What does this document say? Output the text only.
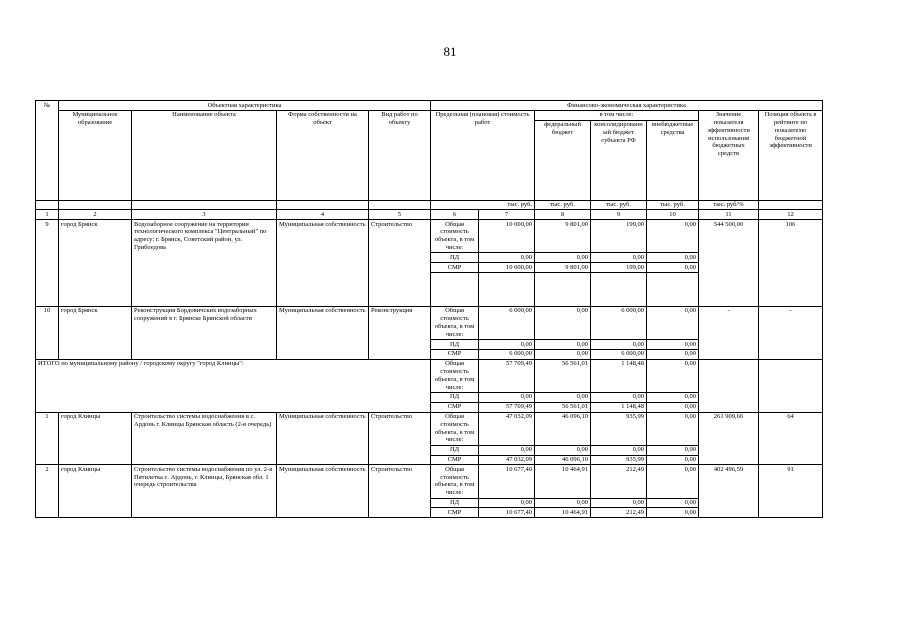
81
№	Объектная характеристика				Финансово-экономическая характеристика						
	Муниципальное образование	Наименование объекта	Форма собственности на объект	Вид работ по объекту	Предельная (плановая) стоимость работ		в том числе:			Значение показателя эффективности использования бюджетных средств	Позиция объекта в рейтинге по показателю бюджетной эффективности
							федеральный бюджет	консолидированный бюджет субъекта РФ	внебюджетные средства		
					тыс. руб.		тыс. руб.	тыс. руб.	тыс. руб.	тыс. руб/%	
1	2	3	4	5	6	7	8	9	10	11	12
9	город Брянск	Водозаборное сооружение на территории технологического комплекса "Центральный" по адресу: г. Брянск, Советский район, ул. Грибоедова	Муниципальная собственность	Строительство	Общая стоимость объекта, в том числе:	10 000,00	9 801,00	199,00	0,00	544 500,00	106
					ПД	0,00	0,00	0,00	0,00		
					СМР	10 000,00	9 801,00	199,00	0,00		

10	город Брянск	Реконструкция Бордовичских водозаборных сооружений в г. Брянске Брянской области	Муниципальная собственность	Реконструкция	Общая стоимость объекта, в том числе:	6 000,00	0,00	6 000,00	0,00	-	-
					ПД	0,00	0,00	0,00	0,00		
					СМР	6 000,00	0,00	6 000,00	0,00		
ИТОГО по муниципальному району / городскому округу "город Клинцы":					Общая стоимость объекта, в том числе:	57 709,49	56 561,01	1 148,48	0,00		
					ПД	0,00	0,00	0,00	0,00		
					СМР	57 709,49	56 561,01	1 148,48	0,00		
1	город Клинцы	Строительство системы водоснабжения в с. Ардонь г. Клинцы Брянская область (2-я очередь)	Муниципальная собственность	Строительство	Общая стоимость объекта, в том числе:	47 032,09	46 096,10	935,99	0,00	261 909,66	64
					ПД	0,00	0,00	0,00	0,00		
					СМР	47 032,09	46 096,10	935,99	0,00		
2	город Клинцы	Строительство системы водоснабжения по ул. 2-я Пятилетка с. Ардонь, г. Клинцы, Брянская обл. 1 очередь строительства	Муниципальная собственность	Строительство	Общая стоимость объекта, в том числе:	10 677,40	10 464,91	212,49	0,00	402 496,59	91
					ПД	0,00	0,00	0,00	0,00		
					СМР	10 677,40	10 464,91	212,49	0,00		
